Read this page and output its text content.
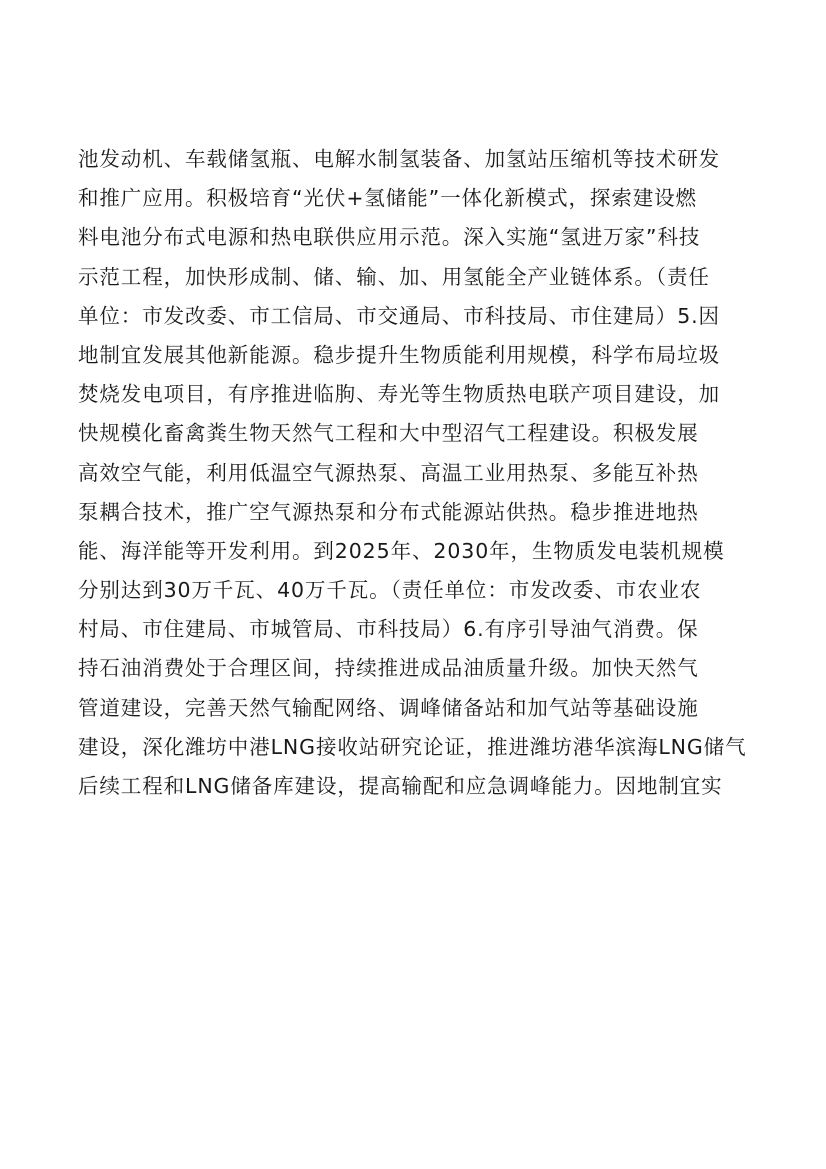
池发动机、车载储氢瓶、电解水制氢装备、加氢站压缩机等技术研发
和推广应用。积极培育“光伏+氢储能”一体化新模式，探索建设燃
料电池分布式电源和热电联供应用示范。深入实施“氢进万家”科技
示范工程，加快形成制、储、输、加、用氢能全产业链体系。（责任
单位：市发改委、市工信局、市交通局、市科技局、市住建局）5.因
地制宜发展其他新能源。稳步提升生物质能利用规模，科学布局垃圾
焚烧发电项目，有序推进临朐、寿光等生物质热电联产项目建设，加
快规模化畜禽粪生物天然气工程和大中型沼气工程建设。积极发展
高效空气能，利用低温空气源热泵、高温工业用热泵、多能互补热
泵耦合技术，推广空气源热泵和分布式能源站供热。稳步推进地热
能、海洋能等开发利用。到2025年、2030年，生物质发电装机规模
分别达到30万千瓦、40万千瓦。（责任单位：市发改委、市农业农
村局、市住建局、市城管局、市科技局）6.有序引导油气消费。保
持石油消费处于合理区间，持续推进成品油质量升级。加快天然气
管道建设，完善天然气输配网络、调峰储备站和加气站等基础设施
建设，深化潍坊中港LNG接收站研究论证，推进潍坊港华滨海LNG储气
后续工程和LNG储备库建设，提高输配和应急调峰能力。因地制宜实
